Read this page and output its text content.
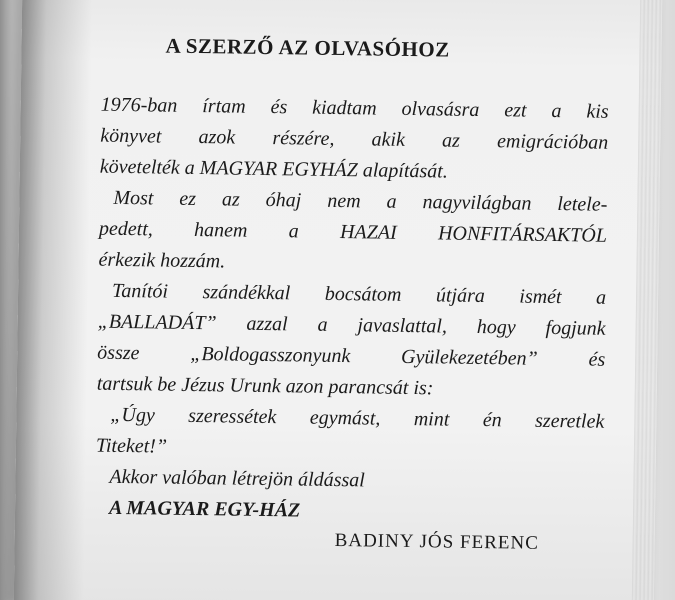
A SZERZŐ AZ OLVASÓHOZ
1976-ban írtam és kiadtam olvasásra ezt a kis
könyvet azok részére, akik az emigrációban
követelték a MAGYAR EGYHÁZ alapítását.
Most ez az óhaj nem a nagyvilágban letele-
pedett, hanem a HAZAI HONFITÁRSAKTÓL
érkezik hozzám.
Tanítói szándékkal bocsátom útjára ismét a
„BALLADÁT” azzal a javaslattal, hogy fogjunk
össze „Boldogasszonyunk Gyülekezetében” és
tartsuk be Jézus Urunk azon parancsát is:
„Úgy szeressétek egymást, mint én szeretlek
Titeket!”
Akkor valóban létrejön áldással
A MAGYAR EGY-HÁZ
BADINY JÓS FERENC
